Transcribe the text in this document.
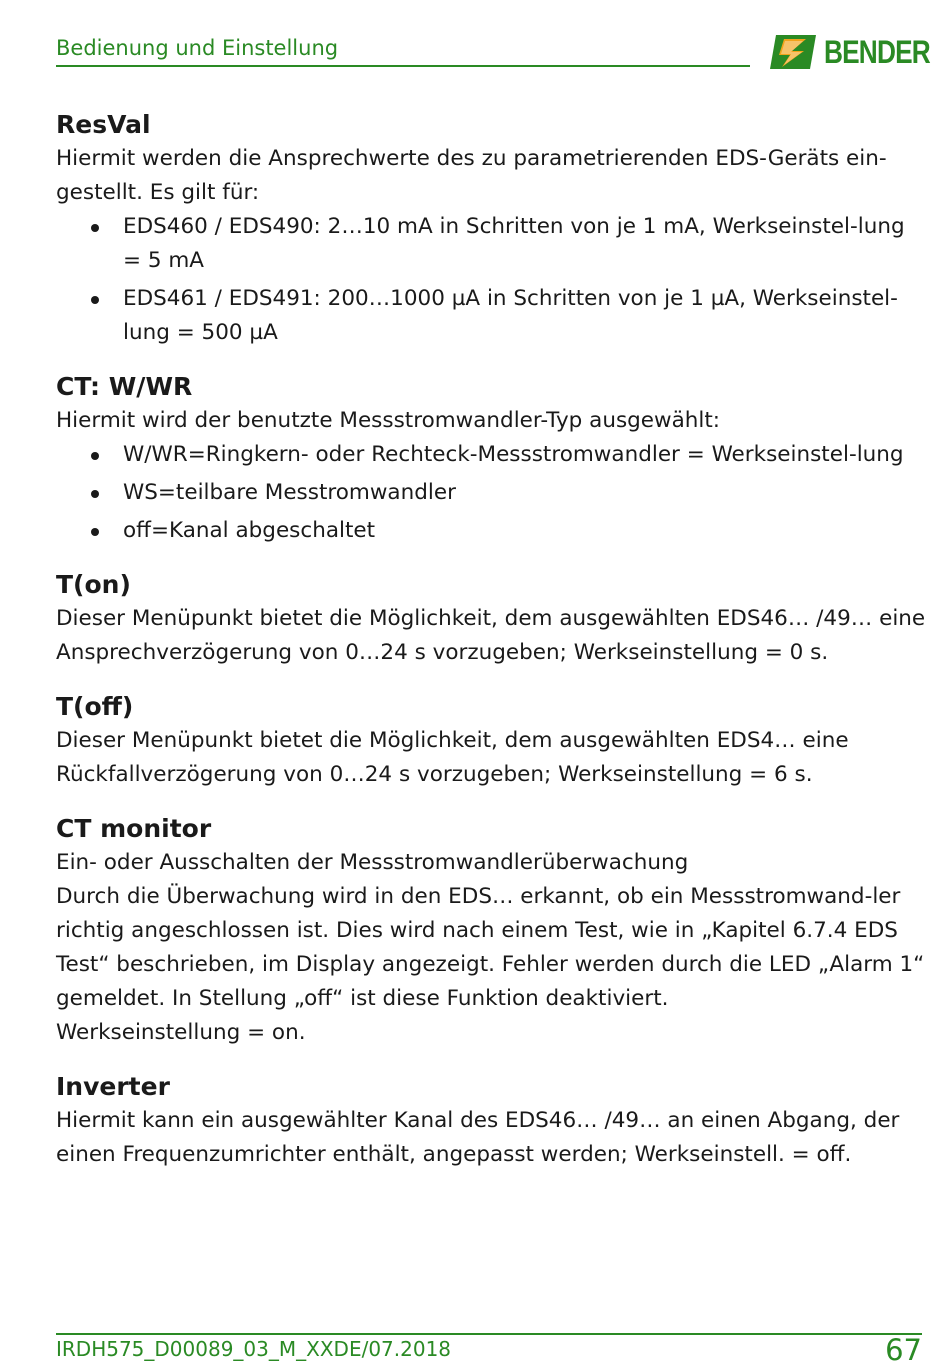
Bedienung und Einstellung	BENDER
ResVal

Hiermit werden die Ansprechwerte des zu parametrierenden EDS-Geräts ein-gestellt. Es gilt für:

EDS460 / EDS490: 2…10 mA in Schritten von je 1 mA, Werkseinstel-lung = 5 mA
EDS461 / EDS491: 200…1000 µA in Schritten von je 1 µA, Werkseinstel-lung = 500 µA
CT: W/WR

Hiermit wird der benutzte Messstromwandler-Typ ausgewählt:

W/WR=Ringkern- oder Rechteck-Messstromwandler = Werkseinstel-lung
WS=teilbare Messtromwandler
off=Kanal abgeschaltet
T(on)

Dieser Menüpunkt bietet die Möglichkeit, dem ausgewählten EDS46… /49… eine Ansprechverzögerung von 0…24 s vorzugeben; Werkseinstellung = 0 s.

T(off)

Dieser Menüpunkt bietet die Möglichkeit, dem ausgewählten EDS4… eine Rückfallverzögerung von 0…24 s vorzugeben; Werkseinstellung = 6 s.

CT monitor

Ein- oder Ausschalten der Messstromwandlerüberwachung

Durch die Überwachung wird in den EDS… erkannt, ob ein Messstromwand-ler richtig angeschlossen ist. Dies wird nach einem Test, wie in „Kapitel 6.7.4 EDS Test“ beschrieben, im Display angezeigt. Fehler werden durch die LED „Alarm 1“ gemeldet. In Stellung „off“ ist diese Funktion deaktiviert.

Werkseinstellung = on.

Inverter

Hiermit kann ein ausgewählter Kanal des EDS46… /49… an einen Abgang, der einen Frequenzumrichter enthält, angepasst werden; Werkseinstell. = off.

IRDH575_D00089_03_M_XXDE/07.2018	67
